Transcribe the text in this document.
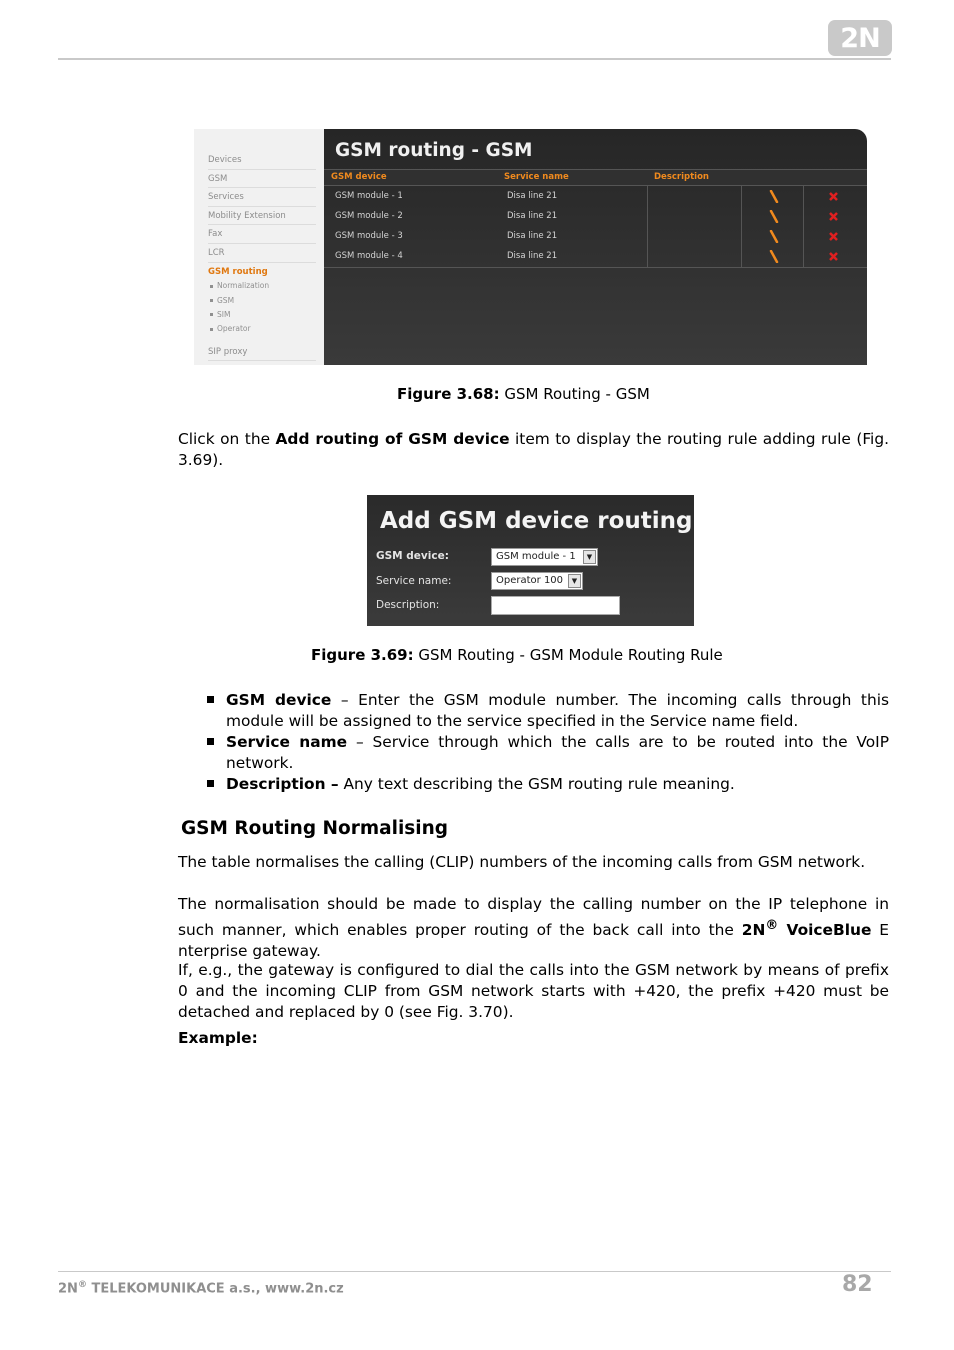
2N
Devices
GSM
Services
Mobility Extension
Fax
LCR
GSM routing
Normalization
GSM
SIM
Operator
SIP proxy
GSM routing - GSM
GSM device	Service name	Description
GSM module - 1	Disa line 21
GSM module - 2	Disa line 21
GSM module - 3	Disa line 21
GSM module - 4	Disa line 21
Figure 3.68: GSM Routing - GSM
Click on the Add routing of GSM device item to display the routing rule adding rule (Fig. 3.69).
Add GSM device routing
GSM device:	GSM module - 1	▼
Service name:	Operator 100	▼
Description:
Figure 3.69: GSM Routing - GSM Module Routing Rule
GSM device – Enter the GSM module number. The incoming calls through this module will be assigned to the service specified in the Service name field.
Service name – Service through which the calls are to be routed into the VoIP network.
Description – Any text describing the GSM routing rule meaning.
GSM Routing Normalising
The table normalises the calling (CLIP) numbers of the incoming calls from GSM network.
The normalisation should be made to display the calling number on the IP telephone in such manner, which enables proper routing of the back call into the 2N® VoiceBlue E nterprise gateway.
If, e.g., the gateway is configured to dial the calls into the GSM network by means of prefix 0 and the incoming CLIP from GSM network starts with +420, the prefix +420 must be detached and replaced by 0 (see Fig. 3.70).
Example:
2N® TELEKOMUNIKACE a.s., www.2n.cz	82
